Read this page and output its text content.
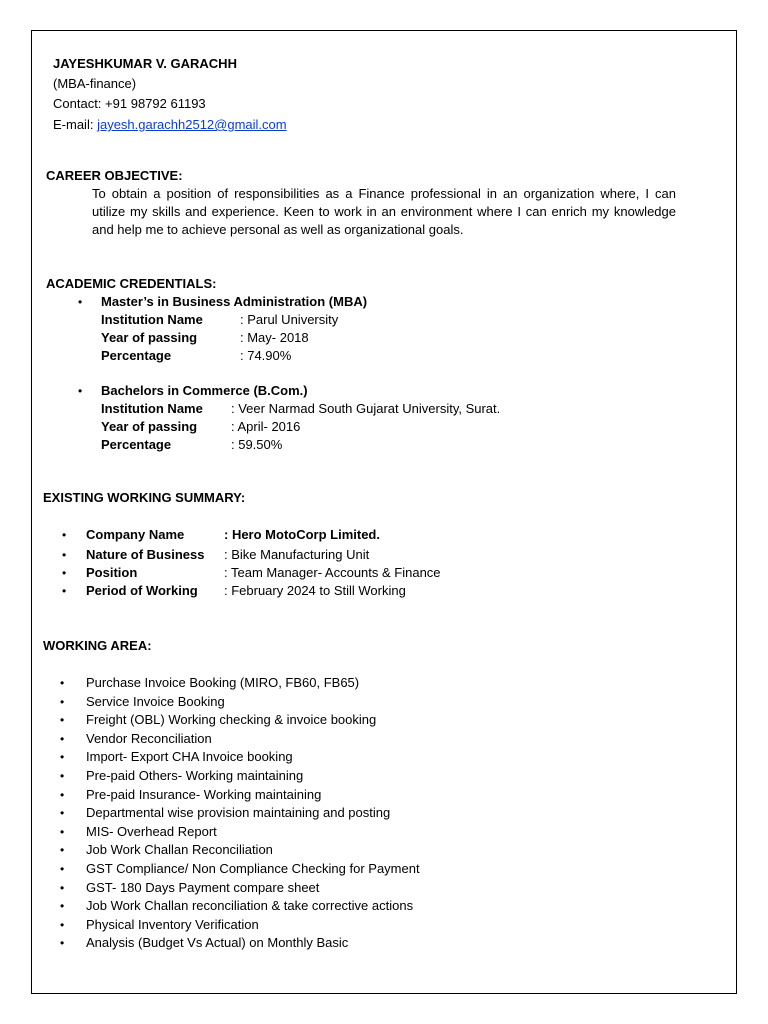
JAYESHKUMAR V. GARACHH
(MBA-finance)
Contact: +91 98792 61193
E-mail: jayesh.garachh2512@gmail.com
CAREER OBJECTIVE:
To obtain a position of responsibilities as a Finance professional in an organization where, I can utilize my skills and experience. Keen to work in an environment where I can enrich my knowledge and help me to achieve personal as well as organizational goals.
ACADEMIC CREDENTIALS:
• Master’s in Business Administration (MBA)
Institution Name	: Parul University
Year of passing	: May- 2018
Percentage	: 74.90%
• Bachelors in Commerce (B.Com.)
Institution Name : Veer Narmad South Gujarat University, Surat.
Year of passing	: April- 2016
Percentage	: 59.50%
EXISTING WORKING SUMMARY:
• Company Name	: Hero MotoCorp Limited.
• Nature of Business : Bike Manufacturing Unit
• Position	: Team Manager- Accounts & Finance
• Period of Working : February 2024 to Still Working
WORKING AREA:
• Purchase Invoice Booking (MIRO, FB60, FB65)
• Service Invoice Booking
• Freight (OBL) Working checking & invoice booking
• Vendor Reconciliation
• Import- Export CHA Invoice booking
• Pre-paid Others- Working maintaining
• Pre-paid Insurance- Working maintaining
• Departmental wise provision maintaining and posting
• MIS- Overhead Report
• Job Work Challan Reconciliation
• GST Compliance/ Non Compliance Checking for Payment
• GST- 180 Days Payment compare sheet
• Job Work Challan reconciliation & take corrective actions
• Physical Inventory Verification
• Analysis (Budget Vs Actual) on Monthly Basic
